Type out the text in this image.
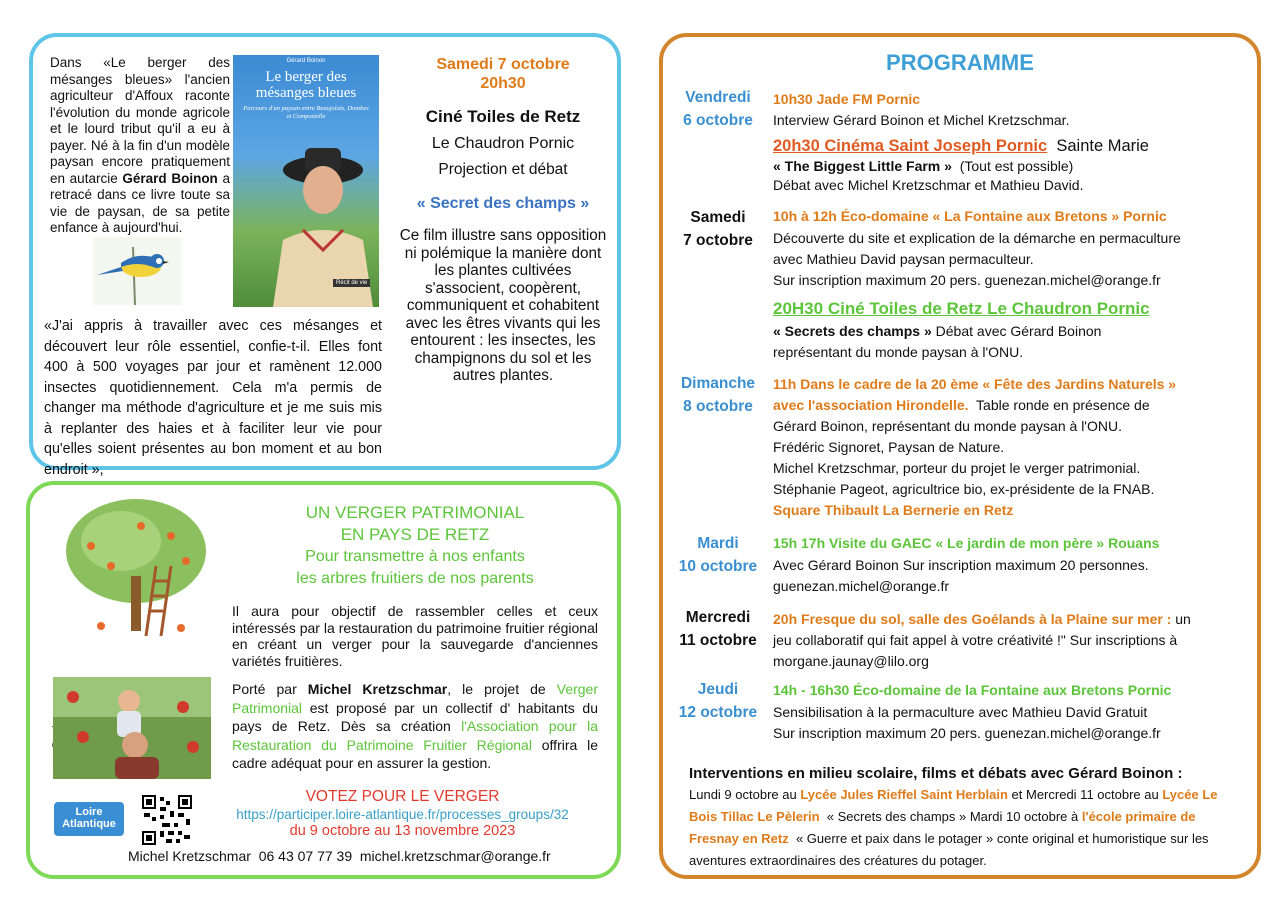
Dans «Le berger des mésanges bleues» l'ancien agriculteur d'Affoux raconte l'évolution du monde agricole et le lourd tribut qu'il a eu à payer. Né à la fin d'un modèle paysan encore pratiquement en autarcie Gérard Boinon a retracé dans ce livre toute sa vie de paysan, de sa petite enfance à aujourd'hui.

Gérard Boinon
Le berger des mésanges bleues
Parcours d'un paysan entre Beaujolais, Dombes et Compostelle
Récit de vie

«J'ai appris à travailler avec ces mésanges et découvert leur rôle essentiel, confie-t-il. Elles font 400 à 500 voyages par jour et ramènent 12.000 insectes quotidiennement. Cela m'a permis de changer ma méthode d'agriculture et je me suis mis à replanter des haies et à faciliter leur vie pour qu'elles soient présentes au bon moment et au bon endroit »,

Samedi 7 octobre
20h30
Ciné Toiles de Retz
Le Chaudron Pornic
Projection et débat
« Secret des champs »

Ce film illustre sans opposition ni polémique la manière dont les plantes cultivées s'associent, coopèrent, communiquent et cohabitent avec les êtres vivants qui les entourent : les insectes, les champignons du sol et les autres plantes.

UN VERGER PATRIMONIAL
EN PAYS DE RETZ
Pour transmettre à nos enfants
les arbres fruitiers de nos parents

Il aura pour objectif de rassembler celles et ceux intéressés par la restauration du patrimoine fruitier régional en créant un verger pour la sauvegarde d'anciennes variétés fruitières.

Porté par Michel Kretzschmar, le projet de Verger Patrimonial est proposé par un collectif d' habitants du pays de Retz. Dès sa création l'Association pour la Restauration du Patrimoine Fruitier Régional offrira le cadre adéquat pour en assurer la gestion.

Loire
Atlantique
VOTEZ POUR LE VERGER
https://participer.loire-atlantique.fr/processes_groups/32
du 9 octobre au 13 novembre 2023
Michel Kretzschmar  06 43 07 77 39  michel.kretzschmar@orange.fr
PROGRAMME
Vendredi
6 octobre
Samedi
7 octobre
Dimanche
8 octobre
Mardi
10 octobre
Mercredi
11 octobre
Jeudi
12 octobre
10h30 Jade FM Pornic
Interview Gérard Boinon et Michel Kretzschmar.
20h30 Cinéma Saint Joseph Pornic Sainte Marie
« The Biggest Little Farm » (Tout est possible)
Débat avec Michel Kretzschmar et Mathieu David.
10h à 12h Éco-domaine « La Fontaine aux Bretons » Pornic
Découverte du site et explication de la démarche en permaculture
avec Mathieu David paysan permaculteur.
Sur inscription maximum 20 pers. guenezan.michel@orange.fr
20H30 Ciné Toiles de Retz Le Chaudron Pornic
« Secrets des champs » Débat avec Gérard Boinon
représentant du monde paysan à l'ONU.
11h Dans le cadre de la 20 ème « Fête des Jardins Naturels »
avec l'association Hirondelle. Table ronde en présence de
Gérard Boinon, représentant du monde paysan à l'ONU.
Frédéric Signoret, Paysan de Nature.
Michel Kretzschmar, porteur du projet le verger patrimonial.
Stéphanie Pageot, agricultrice bio, ex-présidente de la FNAB.
Square Thibault La Bernerie en Retz
15h 17h Visite du GAEC « Le jardin de mon père » Rouans
Avec Gérard Boinon Sur inscription maximum 20 personnes.
guenezan.michel@orange.fr
20h Fresque du sol, salle des Goélands à la Plaine sur mer : un
jeu collaboratif qui fait appel à votre créativité !" Sur inscriptions à
morgane.jaunay@lilo.org
14h - 16h30 Éco-domaine de la Fontaine aux Bretons Pornic
Sensibilisation à la permaculture avec Mathieu David Gratuit
Sur inscription maximum 20 pers. guenezan.michel@orange.fr
Interventions en milieu scolaire, films et débats avec Gérard Boinon :

Lundi 9 octobre au Lycée Jules Rieffel Saint Herblain et Mercredi 11 octobre au Lycée Le Bois Tillac Le Pèlerin « Secrets des champs » Mardi 10 octobre à l'école primaire de Fresnay en Retz « Guerre et paix dans le potager » conte original et humoristique sur les aventures extraordinaires des créatures du potager.
